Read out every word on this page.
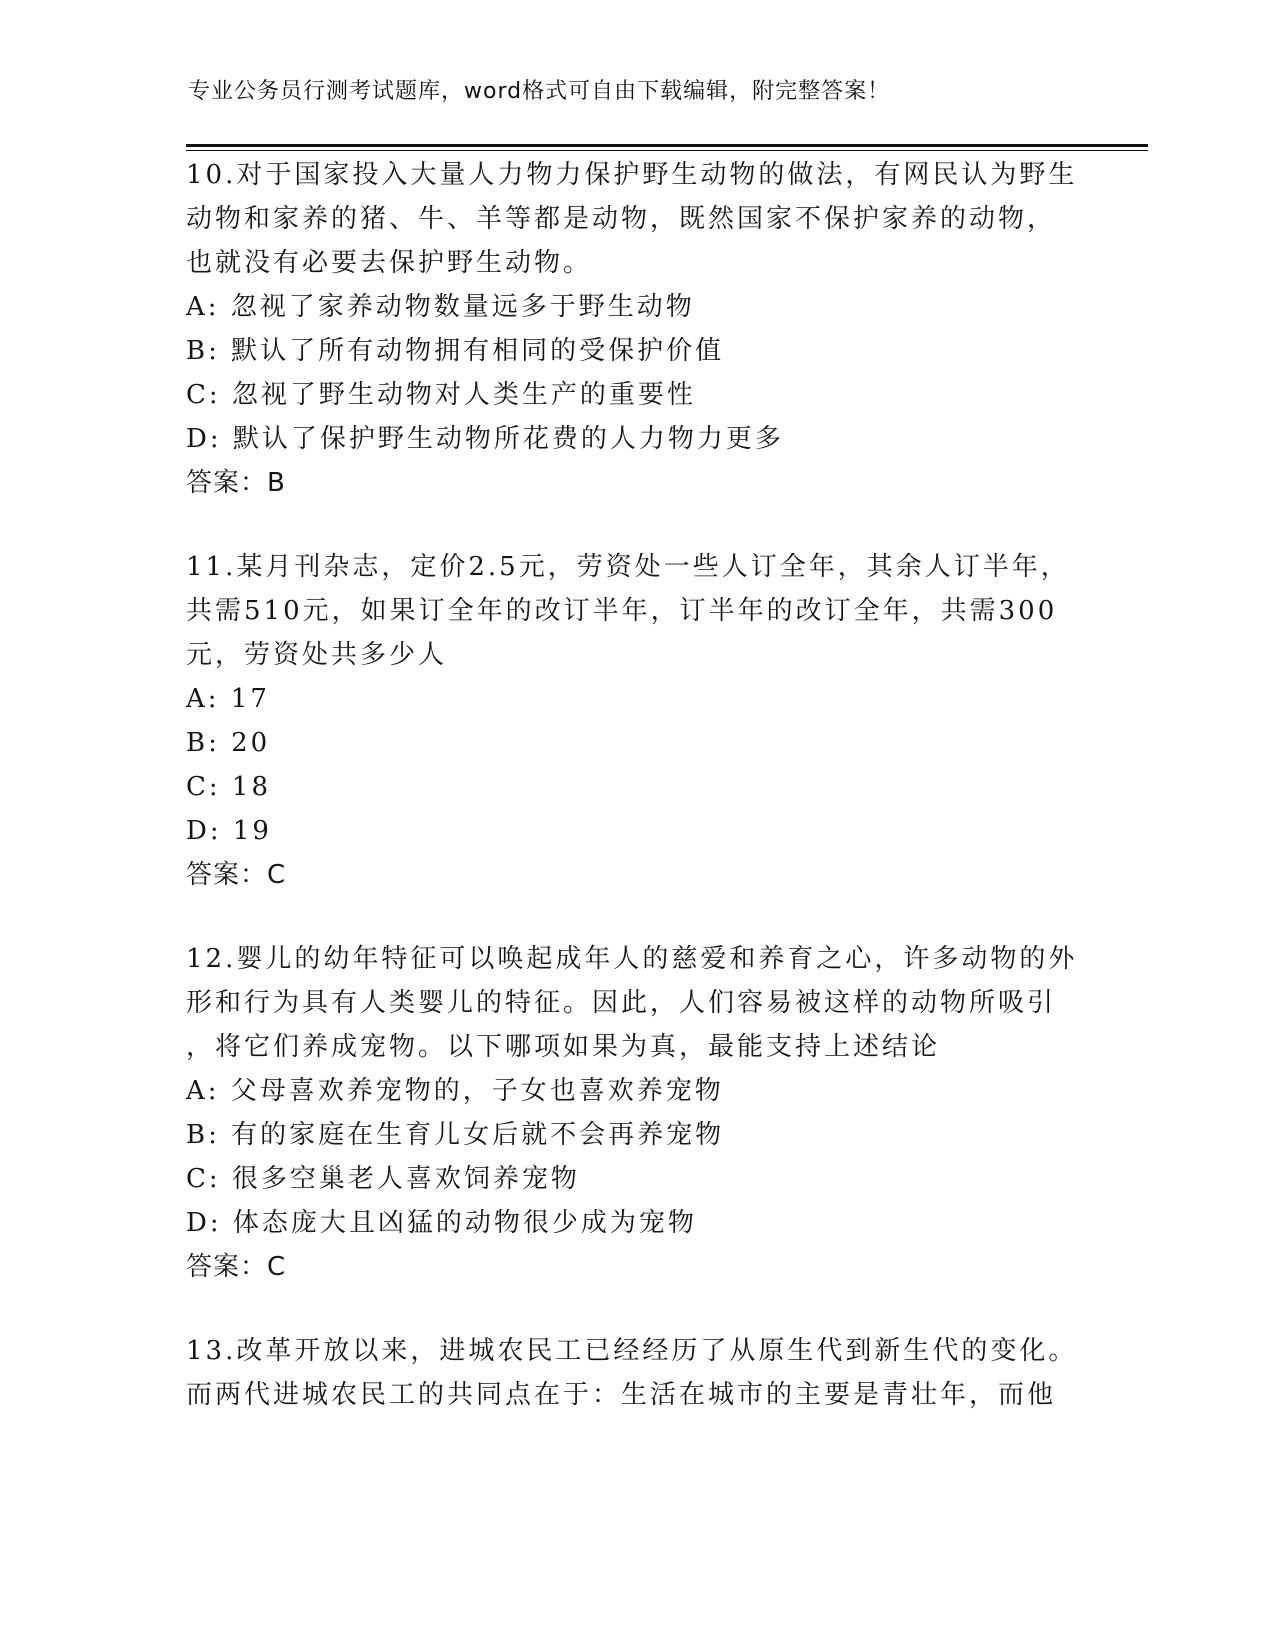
专业公务员行测考试题库，word格式可自由下载编辑，附完整答案！
10.对于国家投入大量人力物力保护野生动物的做法，有网民认为野生
动物和家养的猪、牛、羊等都是动物，既然国家不保护家养的动物，
也就没有必要去保护野生动物。
A: 忽视了家养动物数量远多于野生动物
B: 默认了所有动物拥有相同的受保护价值
C: 忽视了野生动物对人类生产的重要性
D: 默认了保护野生动物所花费的人力物力更多
答案：B
11.某月刊杂志，定价2.5元，劳资处一些人订全年，其余人订半年，
共需510元，如果订全年的改订半年，订半年的改订全年，共需300
元，劳资处共多少人
A: 17
B: 20
C: 18
D: 19
答案：C
12.婴儿的幼年特征可以唤起成年人的慈爱和养育之心，许多动物的外
形和行为具有人类婴儿的特征。因此，人们容易被这样的动物所吸引
，将它们养成宠物。以下哪项如果为真，最能支持上述结论
A: 父母喜欢养宠物的，子女也喜欢养宠物
B: 有的家庭在生育儿女后就不会再养宠物
C: 很多空巢老人喜欢饲养宠物
D: 体态庞大且凶猛的动物很少成为宠物
答案：C
13.改革开放以来，进城农民工已经经历了从原生代到新生代的变化。
而两代进城农民工的共同点在于：生活在城市的主要是青壮年，而他
